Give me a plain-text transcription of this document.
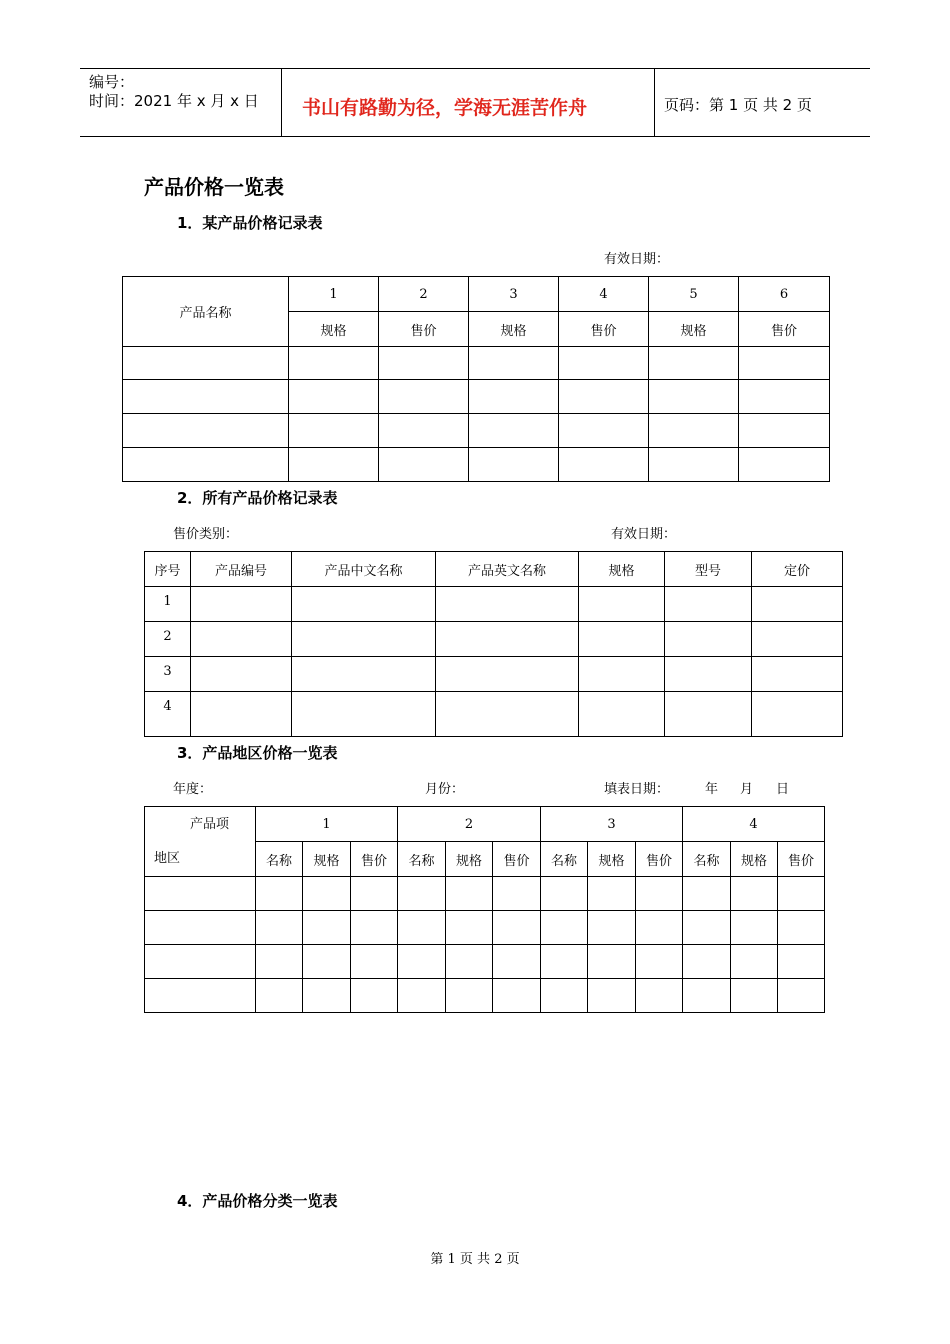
编号：
时间：2021 年 x 月 x 日 书山有路勤为径，学海无涯苦作舟	页码：第 1 页 共 2 页
产品价格一览表
1．某产品价格记录表
有效日期：
产品名称	1	2	3	4	5	6
	规格	售价	规格	售价	规格	售价

2．所有产品价格记录表
售价类别：	有效日期：
序号	产品编号	产品中文名称	产品英文名称	规格	型号	定价
1						
2						
3						
4						
3．产品地区价格一览表
年度：	月份：	填表日期：	年 月 日
产品项
地区	1			2			3			4		
	名称	规格	售价	名称	规格	售价	名称	规格	售价	名称	规格	售价

4．产品价格分类一览表
第 1 页 共 2 页
